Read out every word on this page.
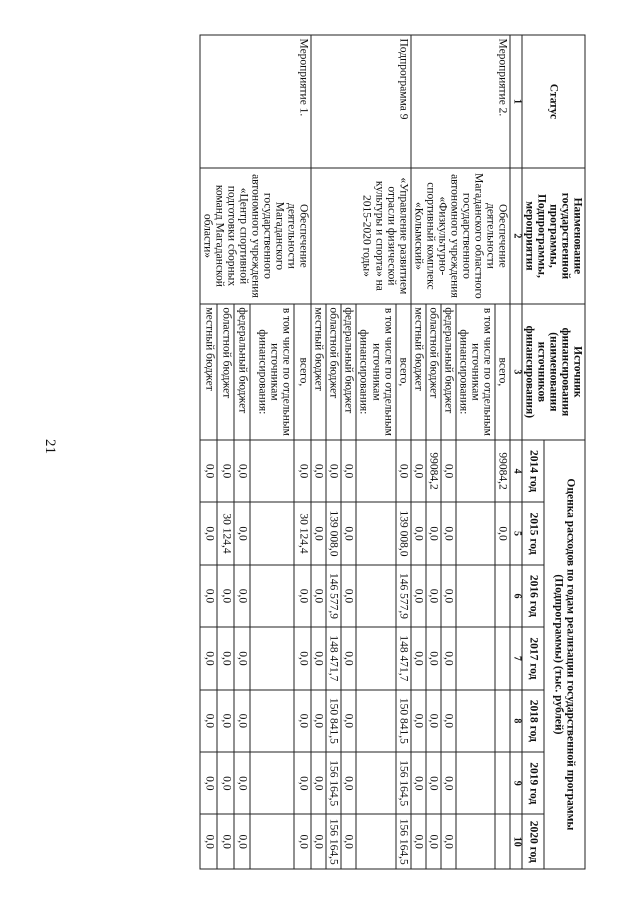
21
Статус	Наименование государственной программы, Подпрограммы, мероприятия	Источник финансирования (наименования источников финансирования)	Оценка расходов по годам реализации государственной программы (Подпрограммы) (тыс. рублей)						
			2014 год	2015 год	2016 год	2017 год	2018 год	2019 год	2020 год
1	2	3	4	5	6	7	8	9	10
Мероприятие 2.	Обеспечение деятельности Магаданского областного государственного автономного учреждения «Физкультурно-спортивный комплекс «Колымский»	всего,	99084,2	0,0					
		в том числе по отдельным источникам финансирования:							
		федеральный бюджет	0,0	0,0	0,0	0,0	0,0	0,0	0,0
		областной бюджет	99084,2	0,0	0,0	0,0	0,0	0,0	0,0
		местный бюджет	0,0	0,0	0,0	0,0	0,0	0,0	0,0
Подпрограмма 9	«Управление развитием отрасли физической культуры и спорта» на 2015-2020 годы»	всего,	0,0	139 008,0	146 577,9	148 471,7	150 841,5	156 164,5	156 164,5
		в том числе по отдельным источникам финансирования:							
		федеральный бюджет	0,0	0,0	0,0	0,0	0,0	0,0	0,0
		областной бюджет	0,0	139 008,0	146 577,9	148 471,7	150 841,5	156 164,5	156 164,5
		местный бюджет	0,0	0,0	0,0	0,0	0,0	0,0	0,0
Мероприятие 1.	Обеспечение деятельности Магаданского государственного автономного учреждения «Центр спортивной подготовки сборных команд Магаданской области»	всего,	0,0	30 124,4	0,0	0,0	0,0	0,0	0,0
		в том числе по отдельным источникам финансирования:							
		федеральный бюджет	0,0	0,0	0,0	0,0	0,0	0,0	0,0
		областной бюджет	0,0	30 124,4	0,0	0,0	0,0	0,0	0,0
		местный бюджет	0,0	0,0	0,0	0,0	0,0	0,0	0,0
